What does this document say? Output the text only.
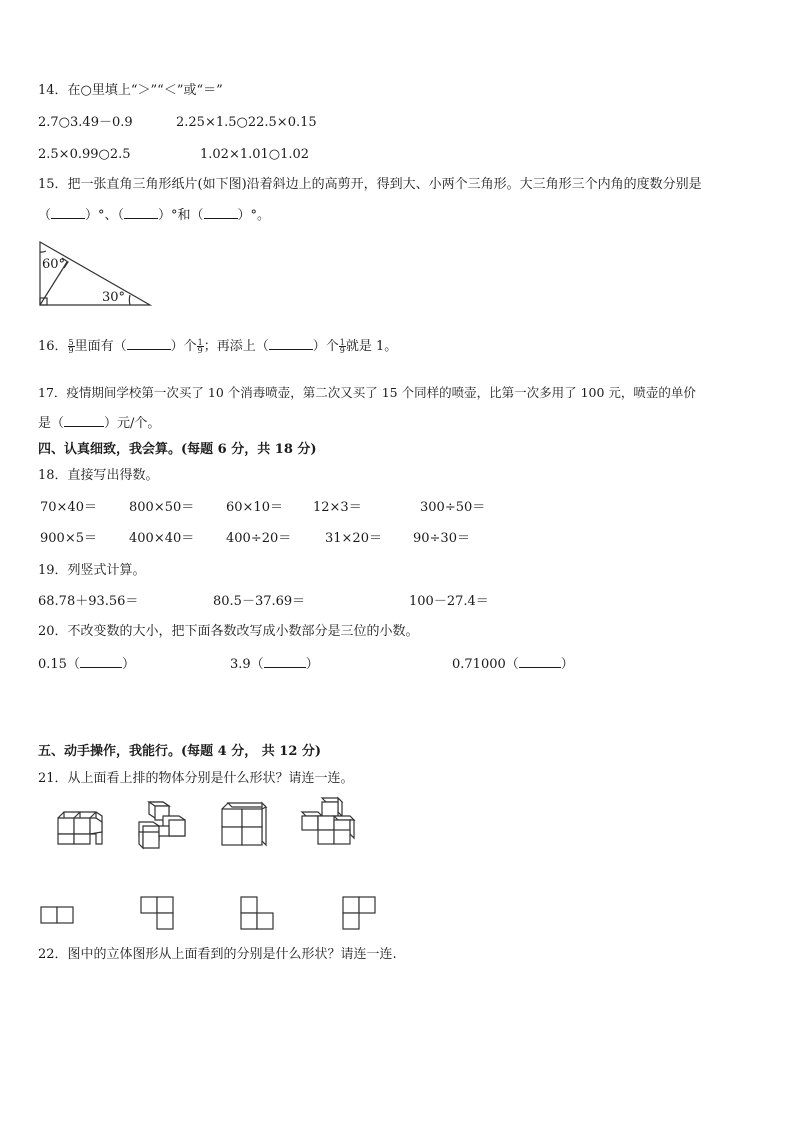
14．在○里填上“＞”“＜”或“＝”
2.7○3.49－0.9	2.25×1.5○22.5×0.15
2.5×0.99○2.5	1.02×1.01○1.02
15．把一张直角三角形纸片(如下图)沿着斜边上的高剪开，得到大、小两个三角形。大三角形三个内角的度数分别是
（	）°、（	）°和（	）°。
60°
30°
16． $\frac{5}{9}$ 里面有（	）个 $\frac{1}{9}$ ；再添上（	）个 $\frac{1}{9}$ 就是 1。
17．疫情期间学校第一次买了 10 个消毒喷壶，第二次又买了 15 个同样的喷壶，比第一次多用了 100 元，喷壶的单价
是（	）元/个。
四、认真细致，我会算。(每题 6 分，共 18 分)
18．直接写出得数。
70×40＝ 800×50＝ 60×10＝ 12×3＝	300÷50＝
900×5＝ 400×40＝ 400÷20＝	31×20＝ 90÷30＝
19．列竖式计算。
68.78＋93.56＝	80.5－37.69＝	100－27.4＝
20．不改变数的大小，把下面各数改写成小数部分是三位的小数。
0.15（	）	3.9（	）	0.71000（	）
五、动手操作，我能行。(每题 4 分， 共 12 分)
21．从上面看上排的物体分别是什么形状？请连一连。
22．图中的立体图形从上面看到的分别是什么形状？请连一连.
